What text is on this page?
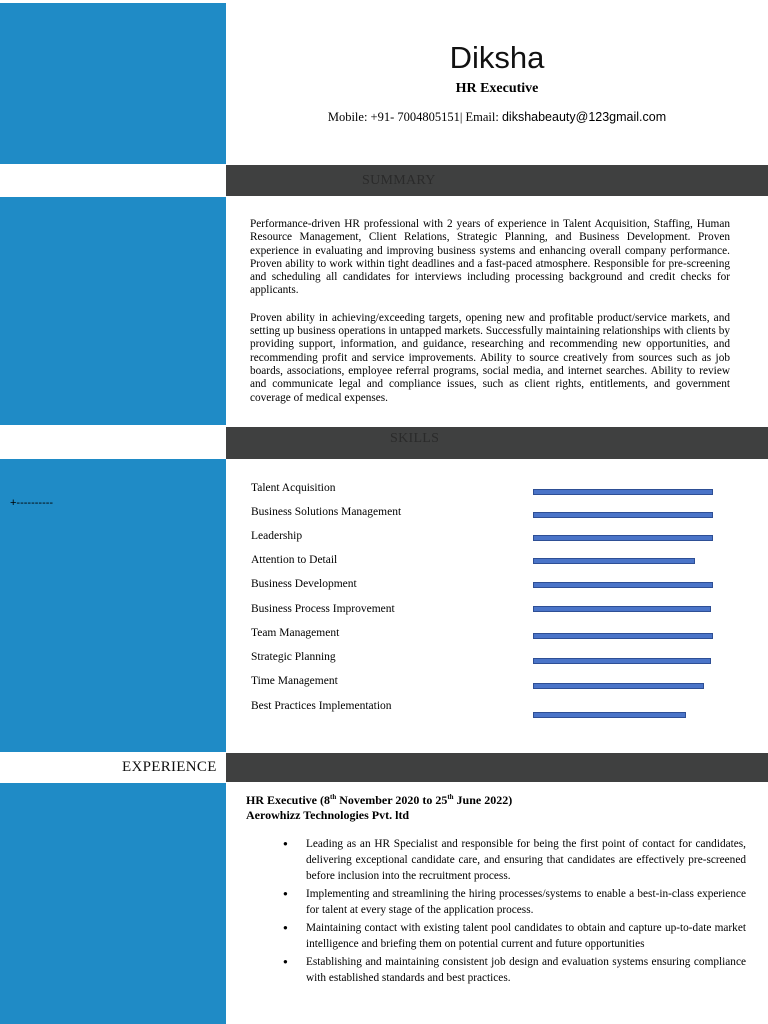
Diksha
HR Executive
Mobile: +91- 7004805151| Email: dikshabeauty@123gmail.com
SUMMARY
SKILLS
EXPERIENCE

Performance-driven HR professional with 2 years of experience in Talent Acquisition, Staffing, Human Resource Management, Client Relations, Strategic Planning, and Business Development. Proven experience in evaluating and improving business systems and enhancing overall company performance. Proven ability to work within tight deadlines and a fast-paced atmosphere. Responsible for pre-screening and scheduling all candidates for interviews including processing background and credit checks for applicants.

Proven ability in achieving/exceeding targets, opening new and profitable product/service markets, and setting up business operations in untapped markets. Successfully maintaining relationships with clients by providing support, information, and guidance, researching and recommending new opportunities, and recommending profit and service improvements. Ability to source creatively from sources such as job boards, associations, employee referral programs, social media, and internet searches. Ability to review and communicate legal and compliance issues, such as client rights, entitlements, and government coverage of medical expenses.

+----------
Talent Acquisition
Business Solutions Management
Leadership
Attention to Detail
Business Development
Business Process Improvement
Team Management
Strategic Planning
Time Management
Best Practices Implementation
HR Executive (8th November 2020 to 25th June 2022)
Aerowhizz Technologies Pvt. ltd
● Leading as an HR Specialist and responsible for being the first point of contact for candidates, delivering exceptional candidate care, and ensuring that candidates are effectively pre-screened before inclusion into the recruitment process.
● Implementing and streamlining the hiring processes/systems to enable a best-in-class experience for talent at every stage of the application process.
● Maintaining contact with existing talent pool candidates to obtain and capture up-to-date market intelligence and briefing them on potential current and future opportunities
● Establishing and maintaining consistent job design and evaluation systems ensuring compliance with established standards and best practices.
